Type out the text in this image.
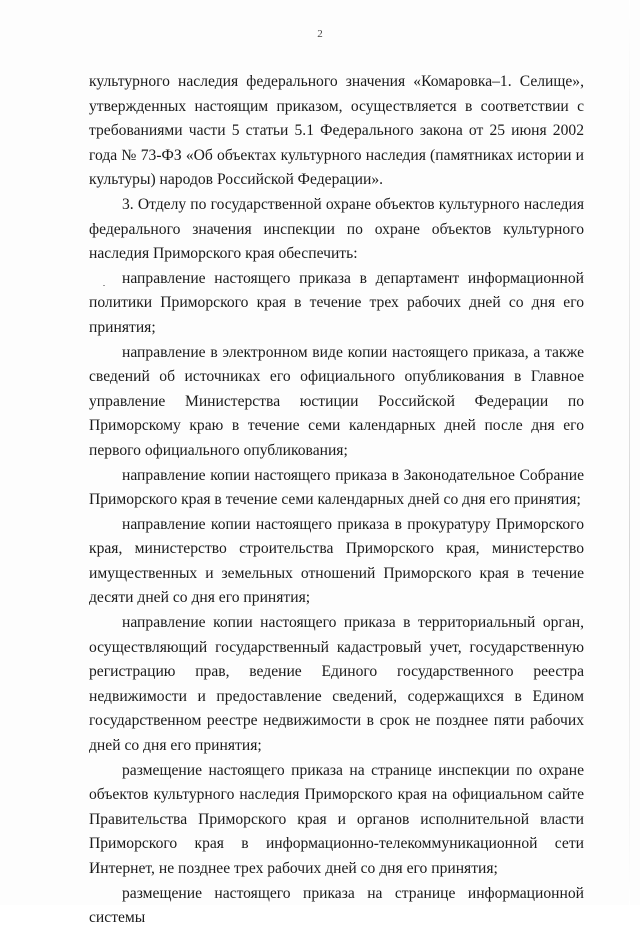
2

культурного наследия федерального значения «Комаровка–1. Селище», утвержденных настоящим приказом, осуществляется в соответствии с требованиями части 5 статьи 5.1 Федерального закона от 25 июня 2002 года № 73-ФЗ «Об объектах культурного наследия (памятниках истории и культуры) народов Российской Федерации».

3. Отделу по государственной охране объектов культурного наследия федерального значения инспекции по охране объектов культурного наследия Приморского края обеспечить:

направление настоящего приказа в департамент информационной политики Приморского края в течение трех рабочих дней со дня его принятия;

направление в электронном виде копии настоящего приказа, а также сведений об источниках его официального опубликования в Главное управление Министерства юстиции Российской Федерации по Приморскому краю в течение семи календарных дней после дня его первого официального опубликования;

направление копии настоящего приказа в Законодательное Собрание Приморского края в течение семи календарных дней со дня его принятия;

направление копии настоящего приказа в прокуратуру Приморского края, министерство строительства Приморского края, министерство имущественных и земельных отношений Приморского края в течение десяти дней со дня его принятия;

направление копии настоящего приказа в территориальный орган, осуществляющий государственный кадастровый учет, государственную регистрацию прав, ведение Единого государственного реестра недвижимости и предоставление сведений, содержащихся в Едином государственном реестре недвижимости в срок не позднее пяти рабочих дней со дня его принятия;

размещение настоящего приказа на странице инспекции по охране объектов культурного наследия Приморского края на официальном сайте Правительства Приморского края и органов исполнительной власти Приморского края в информационно-телекоммуникационной сети Интернет, не позднее трех рабочих дней со дня его принятия;

размещение настоящего приказа на странице информационной системы
